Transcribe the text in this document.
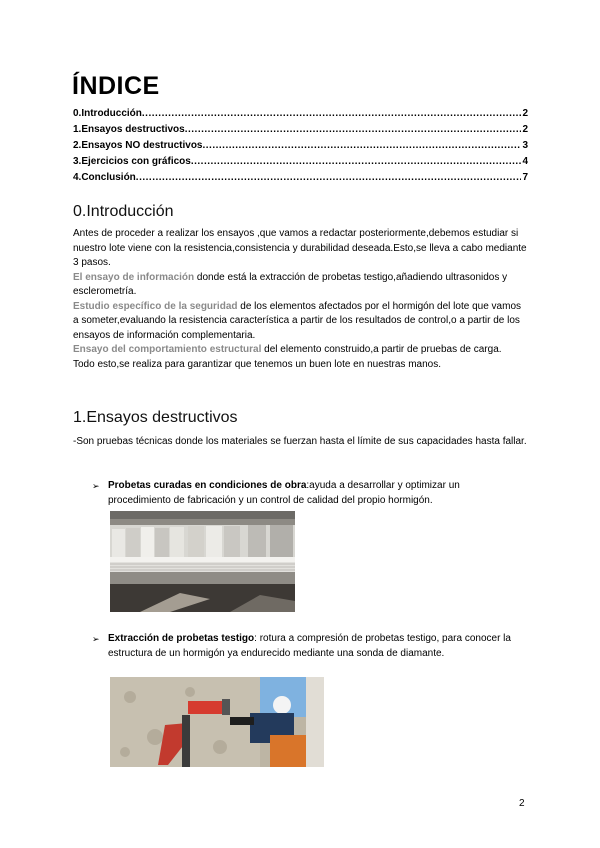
ÍNDICE
0.Introducción .....	2
1.Ensayos destructivos .....	2
2.Ensayos NO destructivos .....	3
3.Ejercicios con gráficos .....	4
4.Conclusión .....	7
0.Introducción

Antes de proceder a realizar los ensayos ,que vamos a redactar posteriormente,debemos estudiar si nuestro lote viene con la resistencia,consistencia y durabilidad deseada.Esto,se lleva a cabo mediante 3 pasos.
El ensayo de información donde está la extracción de probetas testigo,añadiendo ultrasonidos y esclerometría.
Estudio específico de la seguridad de los elementos afectados por el hormigón del lote que vamos a someter,evaluando la resistencia característica a partir de los resultados de control,o a partir de los ensayos de información complementaria.
Ensayo del comportamiento estructural del elemento construido,a partir de pruebas de carga.
Todo esto,se realiza para garantizar que tenemos un buen lote en nuestras manos.

1.Ensayos destructivos

-Son pruebas técnicas donde los materiales se fuerzan hasta el límite de sus capacidades hasta fallar.

➢ Probetas curadas en condiciones de obra:ayuda a desarrollar y optimizar un procedimiento de fabricación y un control de calidad del propio hormigón.
➢ Extracción de probetas testigo: rotura a compresión de probetas testigo, para conocer la estructura de un hormigón ya endurecido mediante una sonda de diamante.
2
